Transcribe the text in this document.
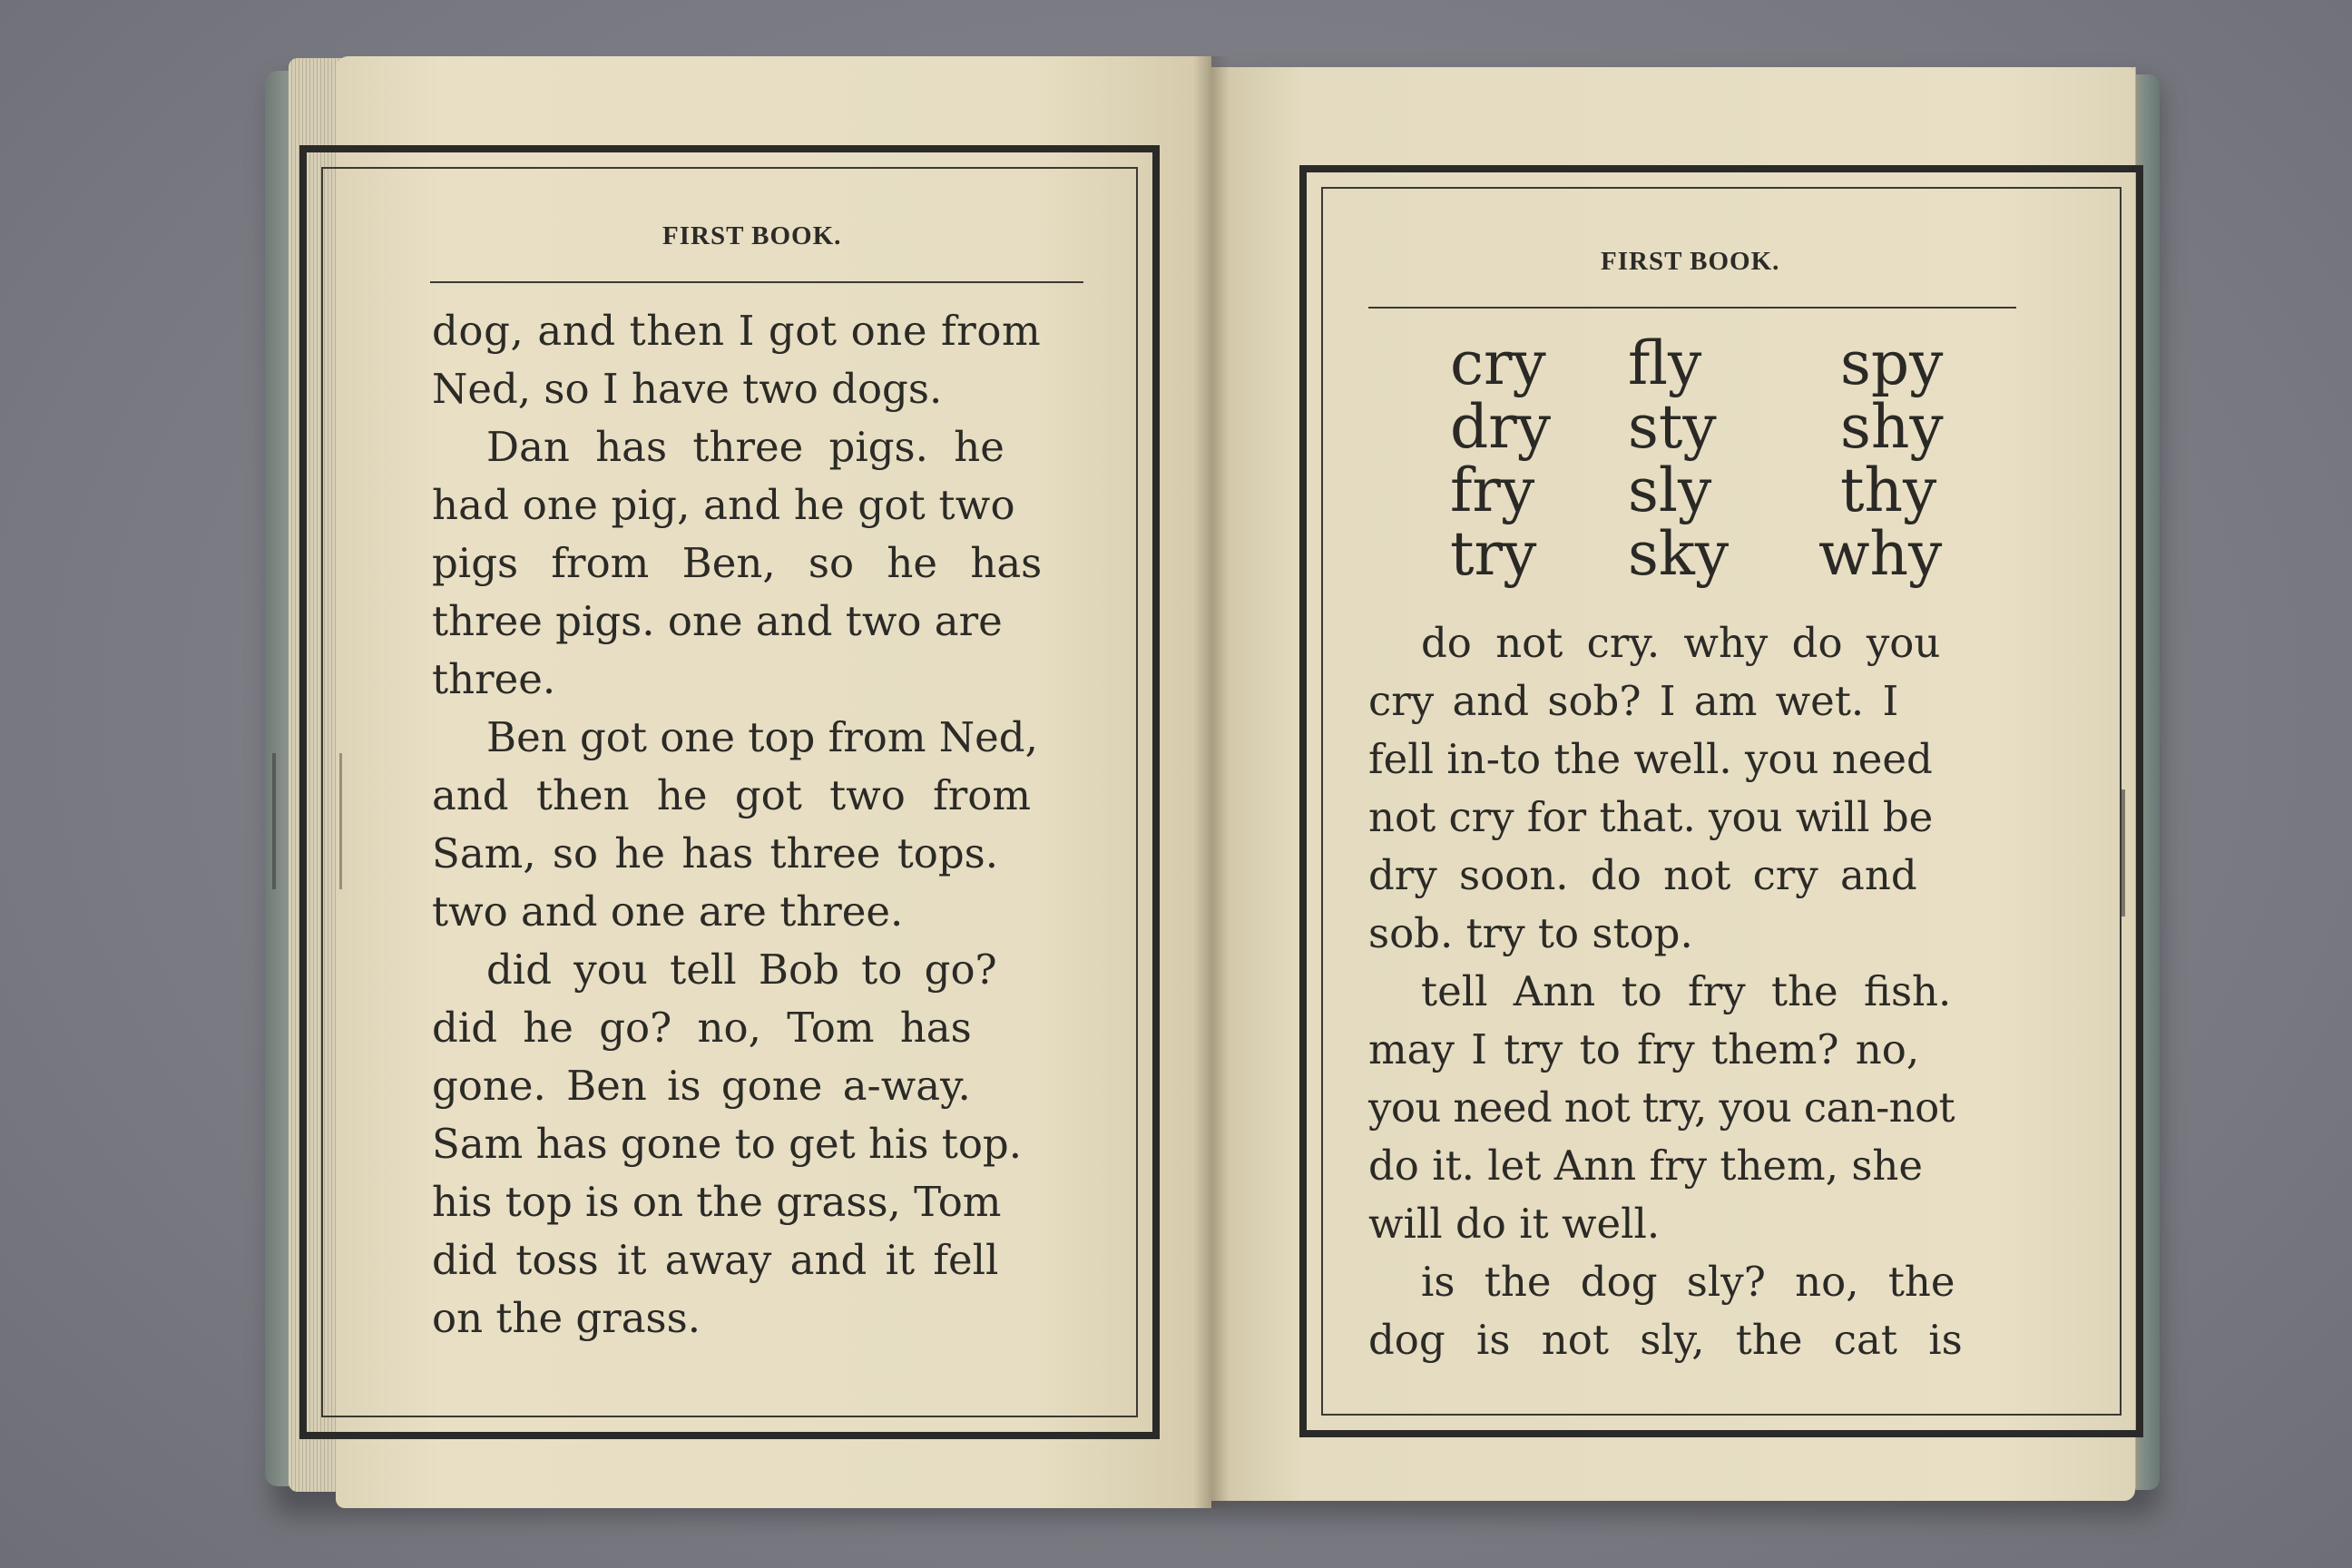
FIRST BOOK.
dog, and then I got one from
Ned, so I have two dogs.
Dan has three pigs. he
had one pig, and he got two
pigs from Ben, so he has
three pigs. one and two are
three.
Ben got one top from Ned,
and then he got two from
Sam, so he has three tops.
two and one are three.
did you tell Bob to go?
did he go? no, Tom has
gone. Ben is gone a-way.
Sam has gone to get his top.
his top is on the grass, Tom
did toss it away and it fell
on the grass.
FIRST BOOK.
cry
dry
fry
try
fly
sty
sly
sky
spy
shy
thy
why
do not cry. why do you
cry and sob? I am wet. I
fell in-to the well. you need
not cry for that. you will be
dry soon. do not cry and
sob. try to stop.
tell Ann to fry the fish.
may I try to fry them? no,
you need not try, you can-not
do it. let Ann fry them, she
will do it well.
is the dog sly? no, the
dog is not sly, the cat is
